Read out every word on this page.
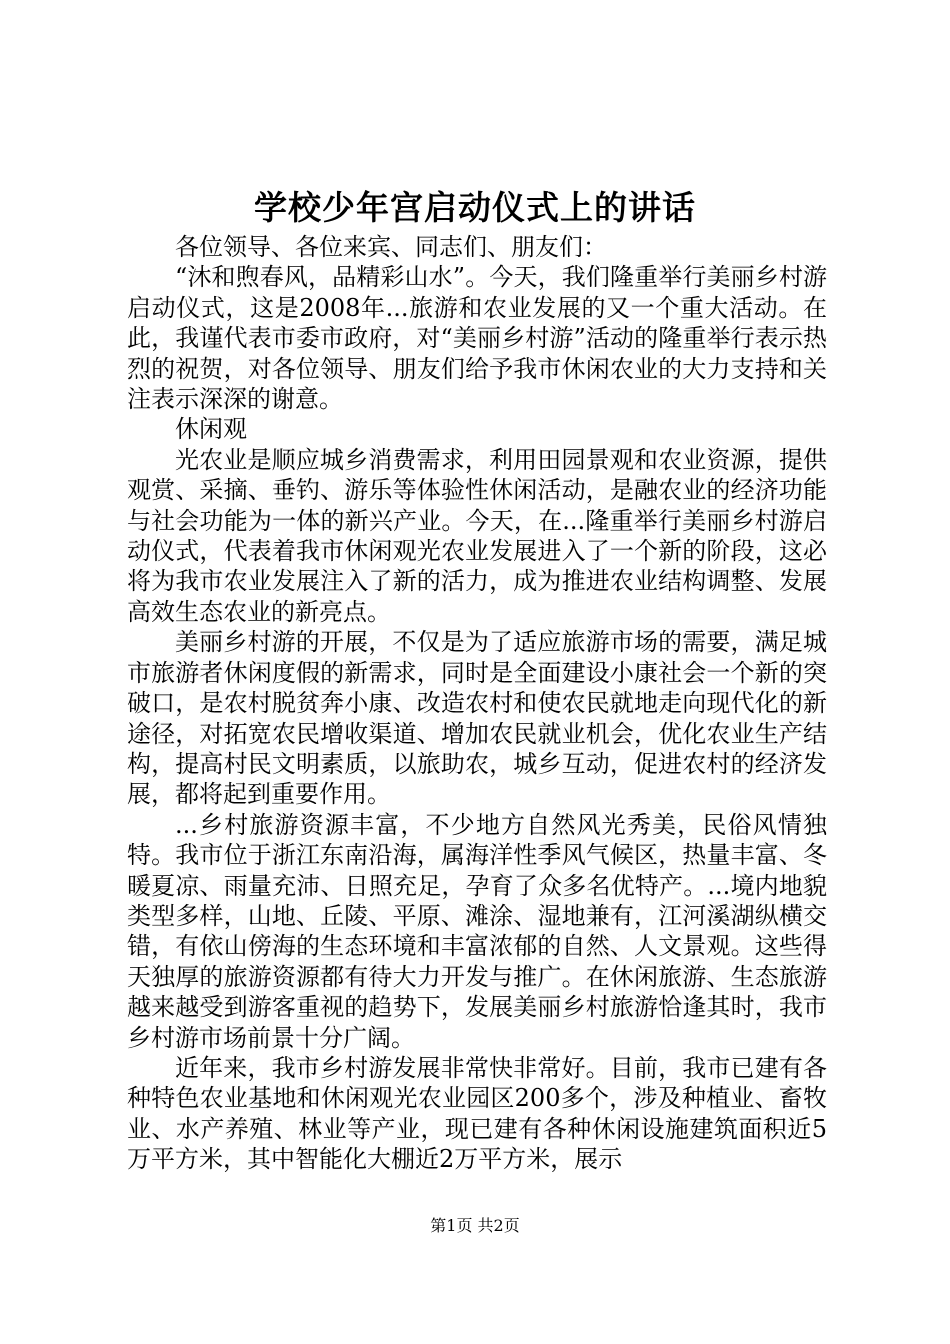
学校少年宫启动仪式上的讲话

各位领导、各位来宾、同志们、朋友们：

“沐和煦春风，品精彩山水”。今天，我们隆重举行美丽乡村游启动仪式，这是2008年...旅游和农业发展的又一个重大活动。在此，我谨代表市委市政府，对“美丽乡村游”活动的隆重举行表示热烈的祝贺，对各位领导、朋友们给予我市休闲农业的大力支持和关注表示深深的谢意。

休闲观

光农业是顺应城乡消费需求，利用田园景观和农业资源，提供观赏、采摘、垂钓、游乐等体验性休闲活动，是融农业的经济功能与社会功能为一体的新兴产业。今天，在...隆重举行美丽乡村游启动仪式，代表着我市休闲观光农业发展进入了一个新的阶段，这必将为我市农业发展注入了新的活力，成为推进农业结构调整、发展高效生态农业的新亮点。

美丽乡村游的开展，不仅是为了适应旅游市场的需要，满足城市旅游者休闲度假的新需求，同时是全面建设小康社会一个新的突破口，是农村脱贫奔小康、改造农村和使农民就地走向现代化的新途径，对拓宽农民增收渠道、增加农民就业机会，优化农业生产结构，提高村民文明素质，以旅助农，城乡互动，促进农村的经济发展，都将起到重要作用。

...乡村旅游资源丰富，不少地方自然风光秀美，民俗风情独特。我市位于浙江东南沿海，属海洋性季风气候区，热量丰富、冬暖夏凉、雨量充沛、日照充足，孕育了众多名优特产。...境内地貌类型多样，山地、丘陵、平原、滩涂、湿地兼有，江河溪湖纵横交错，有依山傍海的生态环境和丰富浓郁的自然、人文景观。这些得天独厚的旅游资源都有待大力开发与推广。在休闲旅游、生态旅游越来越受到游客重视的趋势下，发展美丽乡村旅游恰逢其时，我市乡村游市场前景十分广阔。

近年来，我市乡村游发展非常快非常好。目前，我市已建有各种特色农业基地和休闲观光农业园区200多个，涉及种植业、畜牧业、水产养殖、林业等产业，现已建有各种休闲设施建筑面积近5万平方米，其中智能化大棚近2万平方米，展示

第1页 共2页
